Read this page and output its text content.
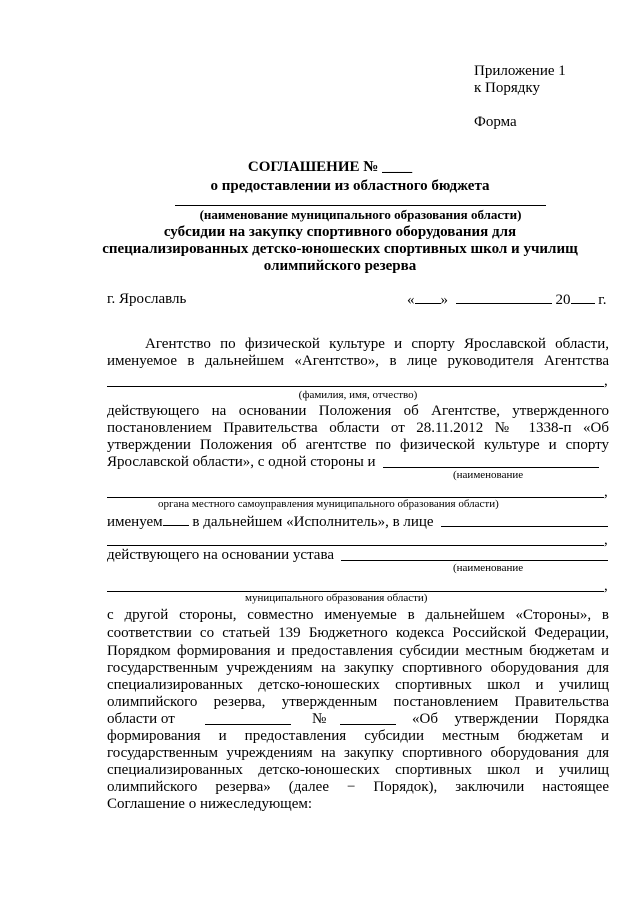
Приложение 1
к Порядку
Форма
СОГЛАШЕНИЕ № ____
о предоставлении из областного бюджета
(наименование муниципального образования области)
субсидии на закупку спортивного оборудования для
специализированных детско-юношеских спортивных школ и училищ
олимпийского резерва
г. Ярославль	« »	20 г.
Агентство по физической культуре и спорту Ярославской области,
именуемое в дальнейшем «Агентство», в лице руководителя Агентства
,
(фамилия, имя, отчество)
действующего на основании Положения об Агентстве, утвержденного
постановлением Правительства области от 28.11.2012 № 1338-п «Об
утверждении Положения об агентстве по физической культуре и спорту
Ярославской области», с одной стороны и
(наименование
,
органа местного самоуправления муниципального образования области)
именуем в дальнейшем «Исполнитель», в лице
,
действующего на основании устава
(наименование
,
муниципального образования области)
с другой стороны, совместно именуемые в дальнейшем «Стороны», в
соответствии со статьей 139 Бюджетного кодекса Российской Федерации,
Порядком формирования и предоставления субсидии местным бюджетам и
государственным учреждениям на закупку спортивного оборудования для
специализированных детско-юношеских спортивных школ и училищ
олимпийского резерва, утвержденным постановлением Правительства
области от	№	«Об утверждении Порядка
формирования и предоставления субсидии местным бюджетам и
государственным учреждениям на закупку спортивного оборудования для
специализированных детско-юношеских спортивных школ и училищ
олимпийского резерва» (далее − Порядок), заключили настоящее
Соглашение о нижеследующем:
